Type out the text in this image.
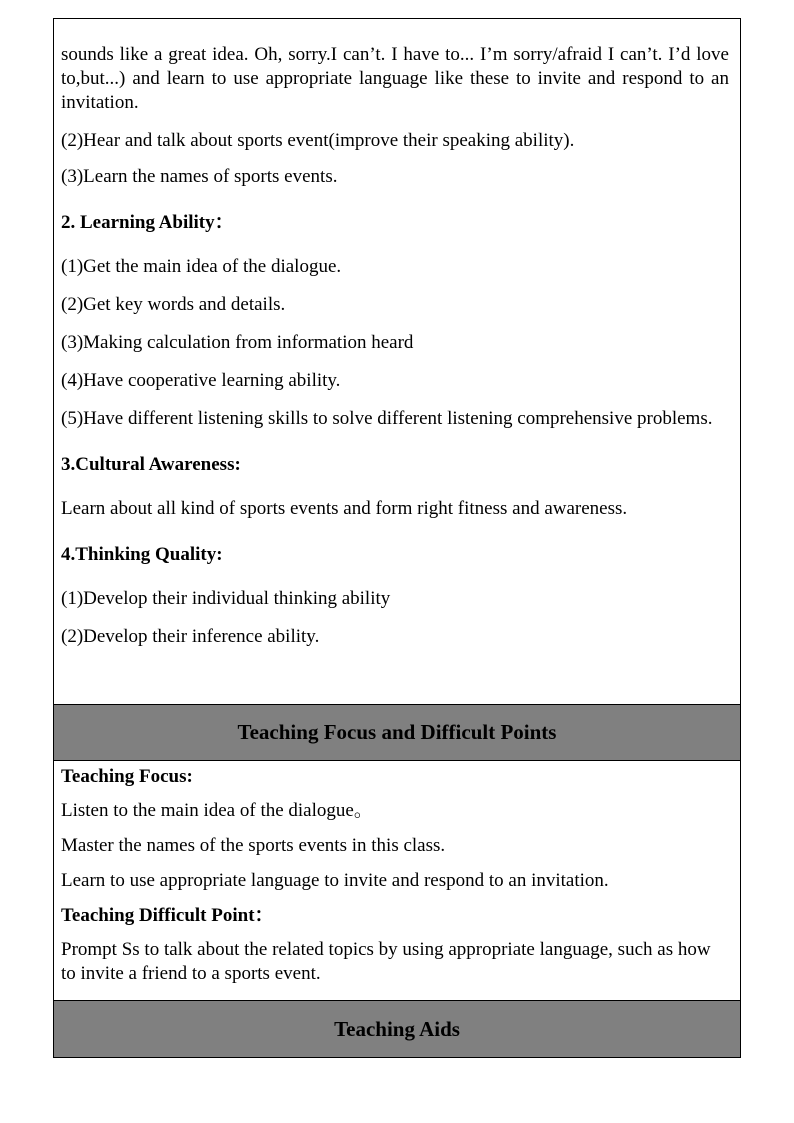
sounds like a great idea. Oh, sorry.I can’t. I have to... I’m sorry/afraid I can’t. I’d love to,but...) and learn to use appropriate language like these to invite and respond to an invitation.

(2)Hear and talk about sports event(improve their speaking ability).

(3)Learn the names of sports events.

2. Learning Ability：

(1)Get the main idea of the dialogue.

(2)Get key words and details.

(3)Making calculation from information heard

(4)Have cooperative learning ability.

(5)Have different listening skills to solve different listening comprehensive problems.

3.Cultural Awareness:

Learn about all kind of sports events and form right fitness and awareness.

4.Thinking Quality:

(1)Develop their individual thinking ability

(2)Develop their inference ability.

Teaching Focus and Difficult Points
Teaching Focus:

Listen to the main idea of the dialogue。

Master the names of the sports events in this class.

Learn to use appropriate language to invite and respond to an invitation.

Teaching Difficult Point：

Prompt Ss to talk about the related topics by using appropriate language, such as how to invite a friend to a sports event.

Teaching Aids
